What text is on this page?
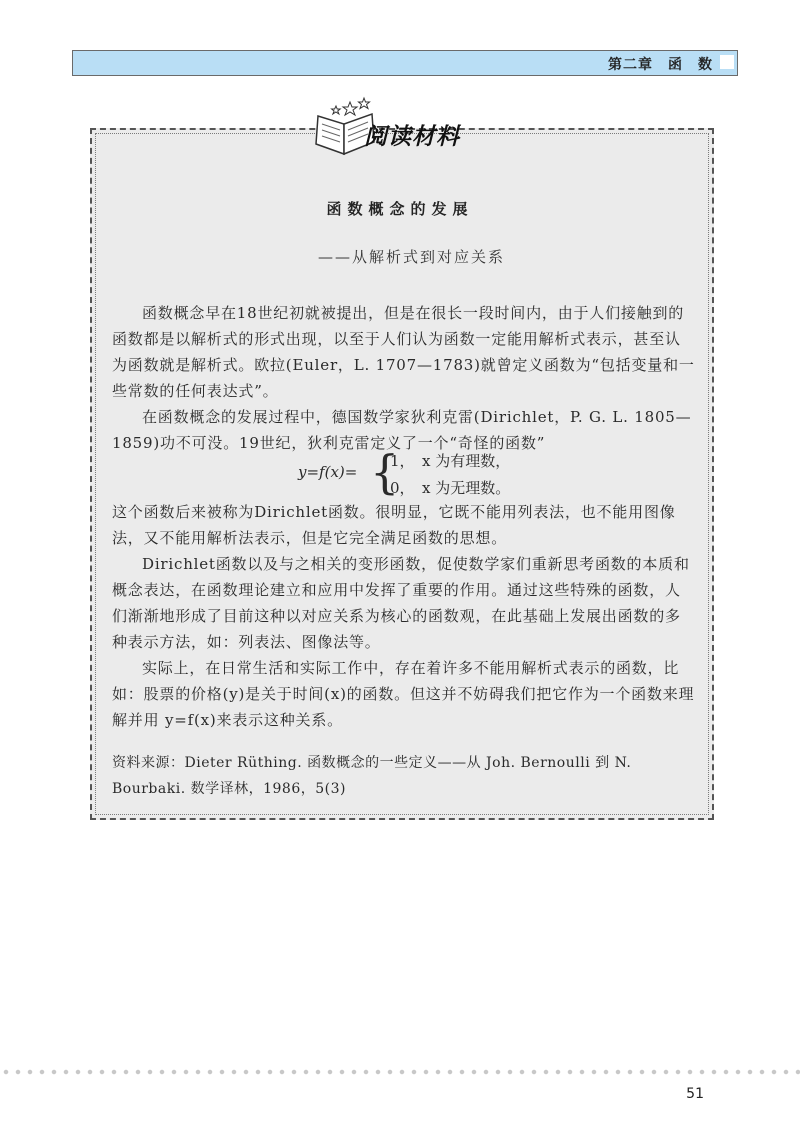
第二章　函　数
阅读材料
函数概念的发展
——从解析式到对应关系
函数概念早在18世纪初就被提出，但是在很长一段时间内，由于人们接触到的函数都是以解析式的形式出现，以至于人们认为函数一定能用解析式表示，甚至认为函数就是解析式。欧拉(Euler，L. 1707—1783)就曾定义函数为“包括变量和一些常数的任何表达式”。
在函数概念的发展过程中，德国数学家狄利克雷(Dirichlet，P. G. L. 1805—1859)功不可没。19世纪，狄利克雷定义了一个“奇怪的函数”
y=f(x)= {
1，　x 为有理数，
0，　x 为无理数。
这个函数后来被称为Dirichlet函数。很明显，它既不能用列表法，也不能用图像法，又不能用解析法表示，但是它完全满足函数的思想。
Dirichlet函数以及与之相关的变形函数，促使数学家们重新思考函数的本质和概念表达，在函数理论建立和应用中发挥了重要的作用。通过这些特殊的函数，人们渐渐地形成了目前这种以对应关系为核心的函数观，在此基础上发展出函数的多种表示方法，如：列表法、图像法等。
实际上，在日常生活和实际工作中，存在着许多不能用解析式表示的函数，比如：股票的价格(y)是关于时间(x)的函数。但这并不妨碍我们把它作为一个函数来理解并用 y=f(x)来表示这种关系。
资料来源：Dieter Rüthing. 函数概念的一些定义——从 Joh. Bernoulli 到 N. Bourbaki. 数学译林，1986，5(3)
51
